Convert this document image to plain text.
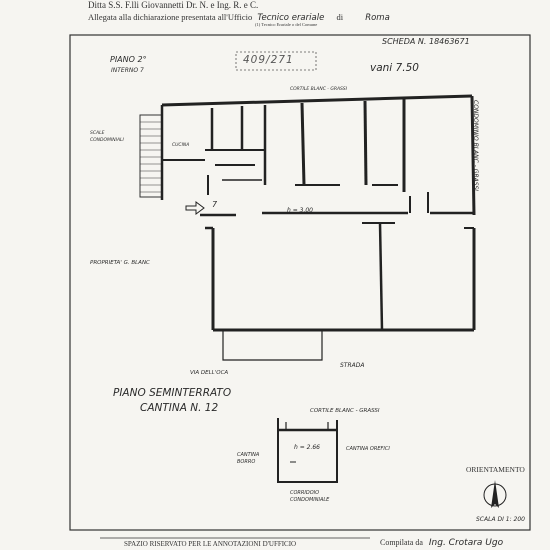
Ditta S.S. F.lli Giovannetti Dr. N. e Ing. R. e C.
Allegata alla dichiarazione presentata all'Ufficio Tecnico erariale di	Roma
(1) Tecnico Erariale o del Comune
PIANO 2°
INTERNO 7
409/271
SCHEDA N. 18463671
vani 7.50
CORTILE BLANC - GRASSI
SCALE CONDOMINIALI	CONDOMINIO BLANC - GRASSI
CUCINA
7
h = 3.00
PROPRIETA' G. BLANC
STRADA
VIA DELL'OCA
PIANO SEMINTERRATO
CANTINA N. 12	CORTILE BLANC - GRASSI
CANTINA BORRO
h = 2.66	CANTINA OREFICI
CORRIDOIO CONDOMINIALE
ORIENTAMENTO
SCALA DI 1: 200
SPAZIO RISERVATO PER LE ANNOTAZIONI D'UFFICIO	Compilata da Ing. Crotara Ugo
